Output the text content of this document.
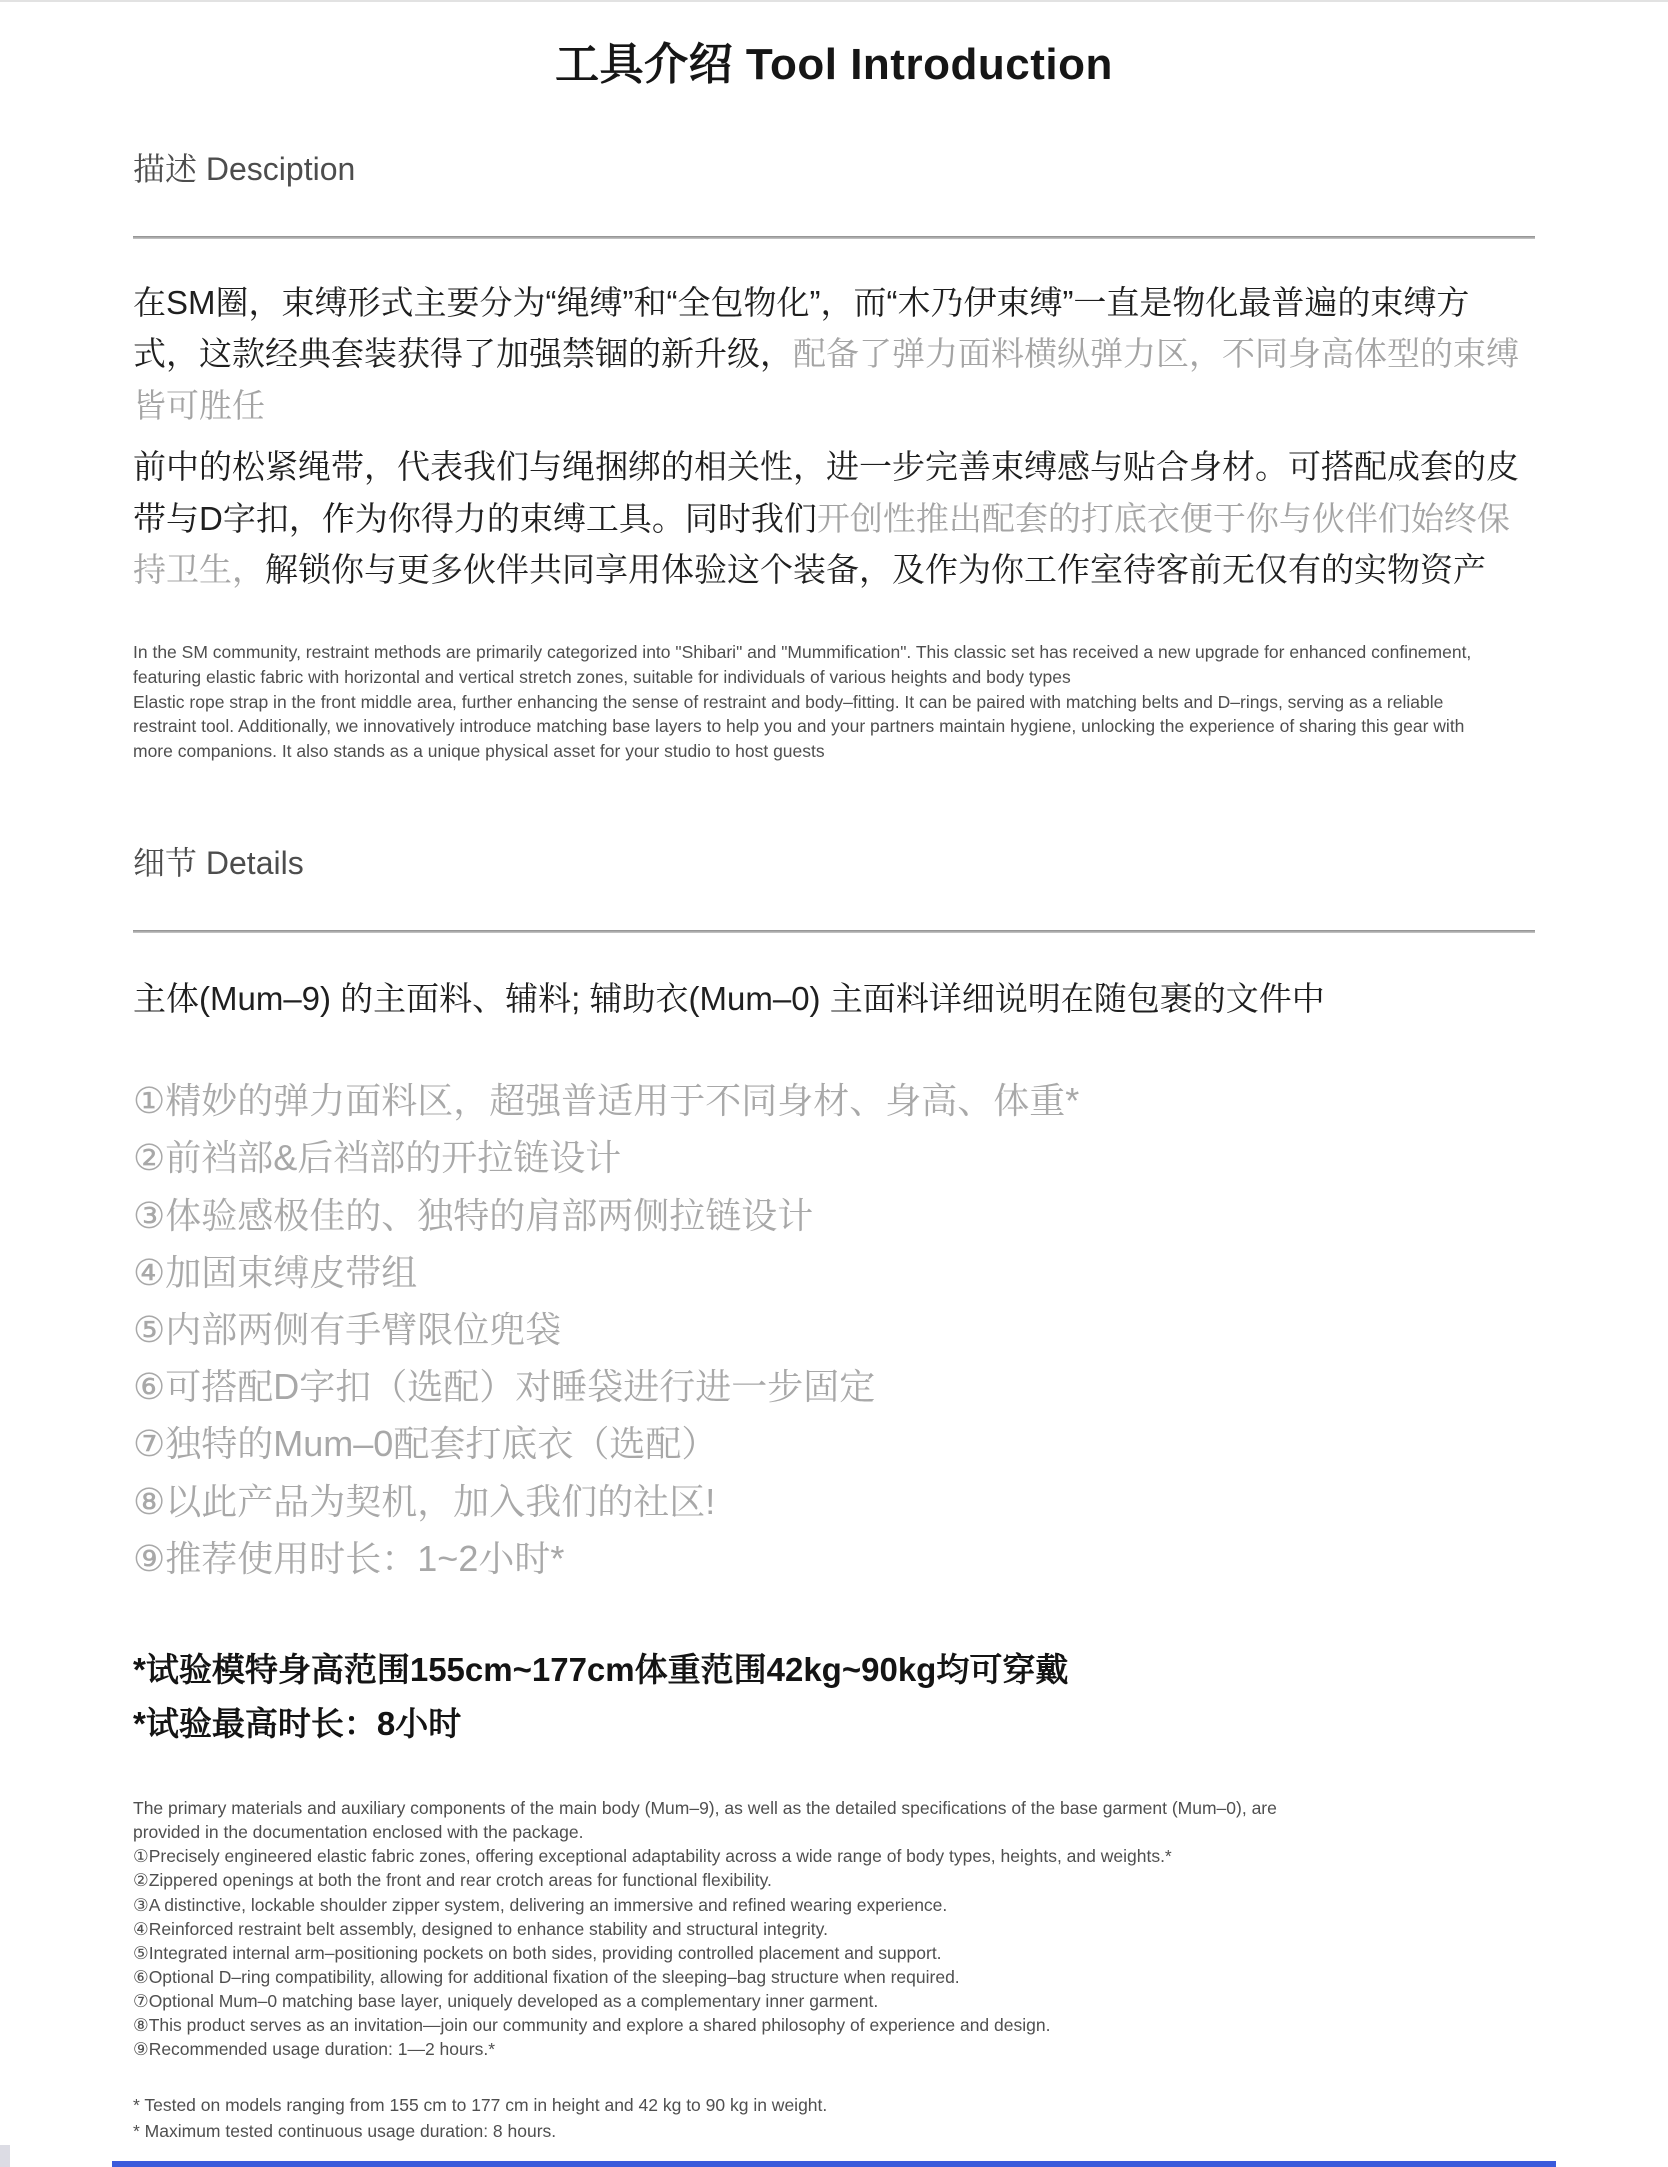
工具介绍 Tool Introduction
描述 Desciption

在SM圈，束缚形式主要分为“绳缚”和“全包物化”，而“木乃伊束缚”一直是物化最普遍的束缚方式，这款经典套装获得了加强禁锢的新升级，配备了弹力面料横纵弹力区，不同身高体型的束缚皆可胜任

前中的松紧绳带，代表我们与绳捆绑的相关性，进一步完善束缚感与贴合身材。可搭配成套的皮带与D字扣，作为你得力的束缚工具。同时我们开创性推出配套的打底衣便于你与伙伴们始终保持卫生，解锁你与更多伙伴共同享用体验这个装备，及作为你工作室待客前无仅有的实物资产

In the SM community, restraint methods are primarily categorized into "Shibari" and "Mummification". This classic set has received a new upgrade for enhanced confinement, featuring elastic fabric with horizontal and vertical stretch zones, suitable for individuals of various heights and body types
Elastic rope strap in the front middle area, further enhancing the sense of restraint and body–fitting. It can be paired with matching belts and D–rings, serving as a reliable restraint tool. Additionally, we innovatively introduce matching base layers to help you and your partners maintain hygiene, unlocking the experience of sharing this gear with more companions. It also stands as a unique physical asset for your studio to host guests
细节 Details

主体(Mum–9) 的主面料、辅料; 辅助衣(Mum–0) 主面料详细说明在随包裹的文件中

①精妙的弹力面料区，超强普适用于不同身材、身高、体重*
②前裆部&后裆部的开拉链设计
③体验感极佳的、独特的肩部两侧拉链设计
④加固束缚皮带组
⑤内部两侧有手臂限位兜袋
⑥可搭配D字扣（选配）对睡袋进行进一步固定
⑦独特的Mum–0配套打底衣（选配）
⑧以此产品为契机，加入我们的社区!
⑨推荐使用时长：1~2小时*
*试验模特身高范围155cm~177cm体重范围42kg~90kg均可穿戴
*试验最高时长：8小时

The primary materials and auxiliary components of the main body (Mum–9), as well as the detailed specifications of the base garment (Mum–0), are

provided in the documentation enclosed with the package.

①Precisely engineered elastic fabric zones, offering exceptional adaptability across a wide range of body types, heights, and weights.*

②Zippered openings at both the front and rear crotch areas for functional flexibility.

③A distinctive, lockable shoulder zipper system, delivering an immersive and refined wearing experience.

④Reinforced restraint belt assembly, designed to enhance stability and structural integrity.

⑤Integrated internal arm–positioning pockets on both sides, providing controlled placement and support.

⑥Optional D–ring compatibility, allowing for additional fixation of the sleeping–bag structure when required.

⑦Optional Mum–0 matching base layer, uniquely developed as a complementary inner garment.

⑧This product serves as an invitation—join our community and explore a shared philosophy of experience and design.

⑨Recommended usage duration: 1—2 hours.*

* Tested on models ranging from 155 cm to 177 cm in height and 42 kg to 90 kg in weight.
* Maximum tested continuous usage duration: 8 hours.
